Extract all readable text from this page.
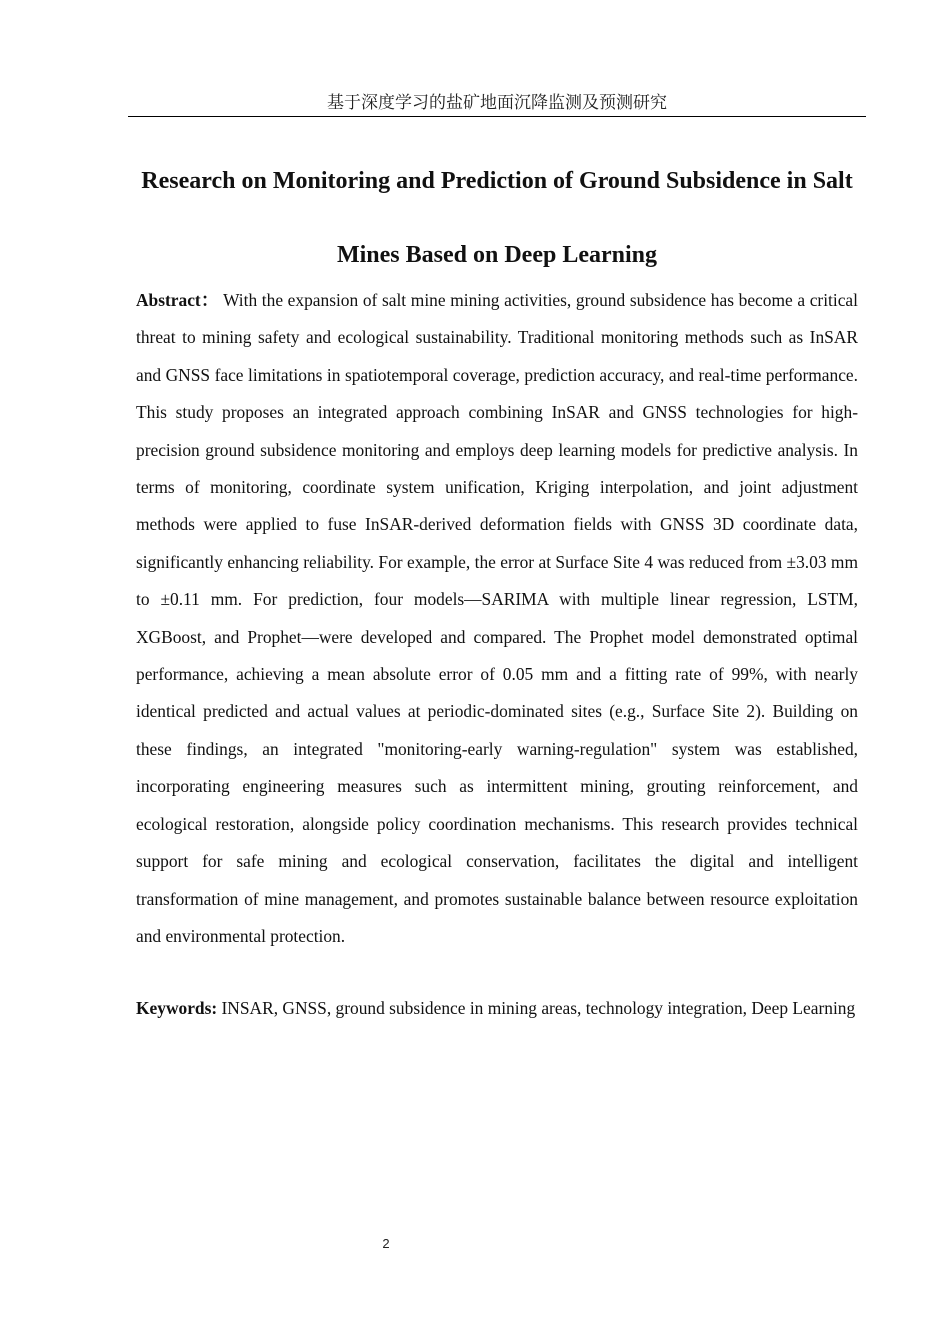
基于深度学习的盐矿地面沉降监测及预测研究
Research on Monitoring and Prediction of Ground Subsidence in Salt Mines Based on Deep Learning

Abstract： With the expansion of salt mine mining activities, ground subsidence has become a critical threat to mining safety and ecological sustainability. Traditional monitoring methods such as InSAR and GNSS face limitations in spatiotemporal coverage, prediction accuracy, and real-time performance. This study proposes an integrated approach combining InSAR and GNSS technologies for high-precision ground subsidence monitoring and employs deep learning models for predictive analysis. In terms of monitoring, coordinate system unification, Kriging interpolation, and joint adjustment methods were applied to fuse InSAR-derived deformation fields with GNSS 3D coordinate data, significantly enhancing reliability. For example, the error at Surface Site 4 was reduced from ±3.03 mm to ±0.11 mm. For prediction, four models—SARIMA with multiple linear regression, LSTM, XGBoost, and Prophet—were developed and compared. The Prophet model demonstrated optimal performance, achieving a mean absolute error of 0.05 mm and a fitting rate of 99%, with nearly identical predicted and actual values at periodic-dominated sites (e.g., Surface Site 2). Building on these findings, an integrated "monitoring-early warning-regulation" system was established, incorporating engineering measures such as intermittent mining, grouting reinforcement, and ecological restoration, alongside policy coordination mechanisms. This research provides technical support for safe mining and ecological conservation, facilitates the digital and intelligent transformation of mine management, and promotes sustainable balance between resource exploitation and environmental protection.

Keywords: INSAR, GNSS, ground subsidence in mining areas, technology integration, Deep Learning

2
